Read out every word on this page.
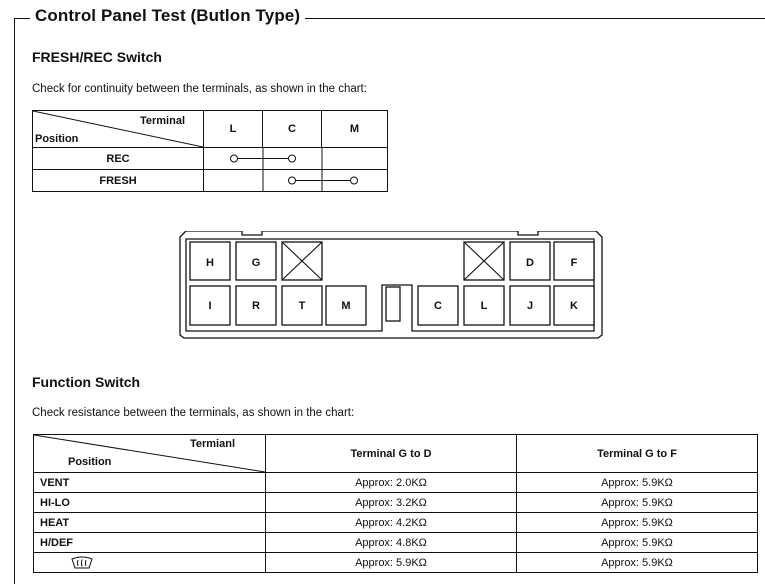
Control Panel Test (Butlon Type)
FRESH/REC Switch
Check for continuity between the terminals, as shown in the chart:
Terminal
Position	L	C	M
REC	

FRESH	
H	G	D	F
I	R	T	M	C	L	J	K
Function Switch
Check resistance between the terminals, as shown in the chart:
Termianl
Position	Terminal G to D	Terminal G to F
VENT	Approx: 2.0KΩ	Approx: 5.9KΩ
HI-LO	Approx: 3.2KΩ	Approx: 5.9KΩ
HEAT	Approx: 4.2KΩ	Approx: 5.9KΩ
H/DEF	Approx: 4.8KΩ	Approx: 5.9KΩ
	Approx: 5.9KΩ	Approx: 5.9KΩ
